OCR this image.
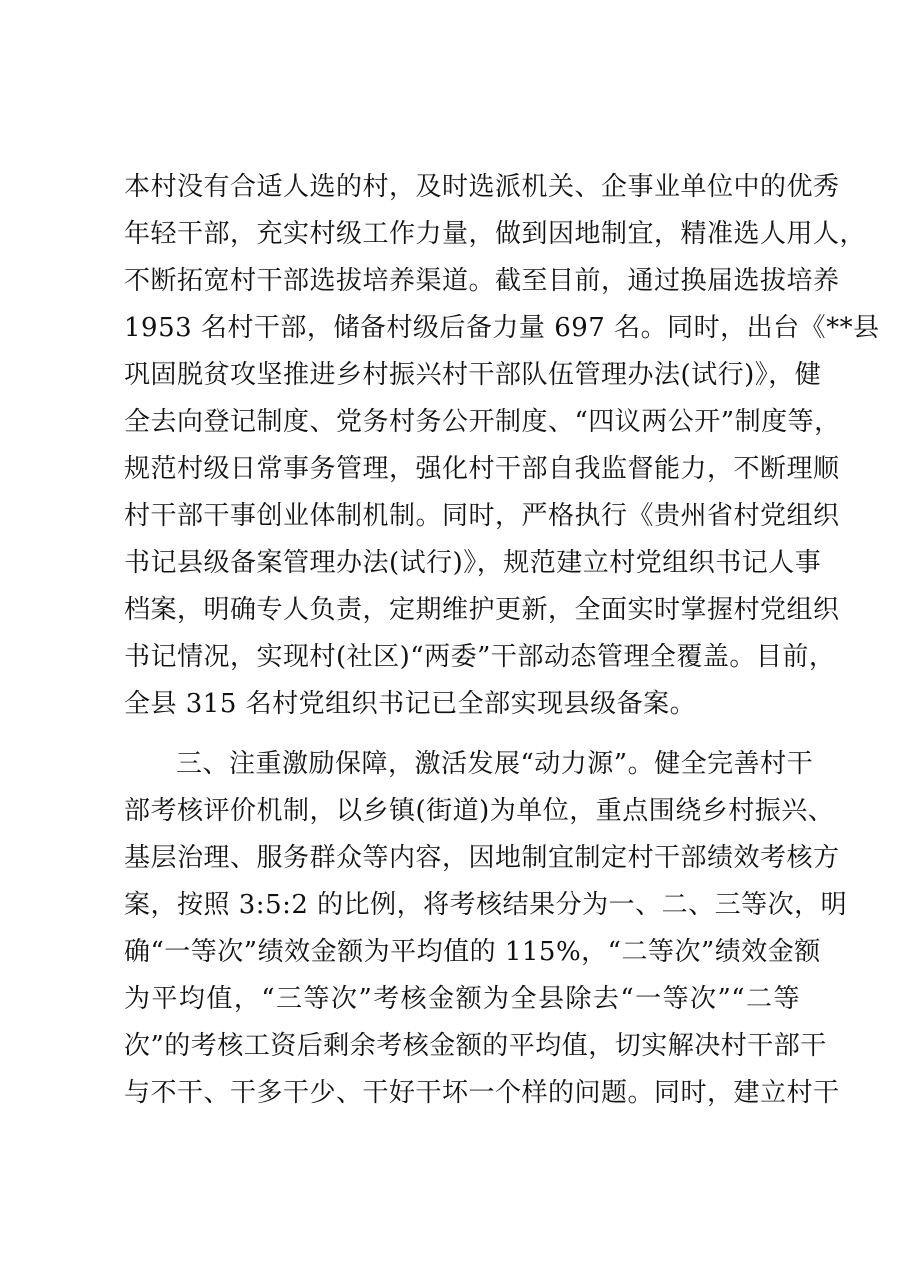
本村没有合适人选的村，及时选派机关、企事业单位中的优秀
年轻干部，充实村级工作力量，做到因地制宜，精准选人用人，
不断拓宽村干部选拔培养渠道。截至目前，通过换届选拔培养
1953 名村干部，储备村级后备力量 697 名。同时，出台《**县
巩固脱贫攻坚推进乡村振兴村干部队伍管理办法(试行)》，健
全去向登记制度、党务村务公开制度、“四议两公开”制度等，
规范村级日常事务管理，强化村干部自我监督能力，不断理顺
村干部干事创业体制机制。同时，严格执行《贵州省村党组织
书记县级备案管理办法(试行)》，规范建立村党组织书记人事
档案，明确专人负责，定期维护更新，全面实时掌握村党组织
书记情况，实现村(社区)“两委”干部动态管理全覆盖。目前，
全县 315 名村党组织书记已全部实现县级备案。
三、注重激励保障，激活发展“动力源”。健全完善村干
部考核评价机制，以乡镇(街道)为单位，重点围绕乡村振兴、
基层治理、服务群众等内容，因地制宜制定村干部绩效考核方
案，按照 3:5:2 的比例，将考核结果分为一、二、三等次，明
确“一等次”绩效金额为平均值的 115%，“二等次”绩效金额
为平均值，“三等次”考核金额为全县除去“一等次”“二等
次”的考核工资后剩余考核金额的平均值，切实解决村干部干
与不干、干多干少、干好干坏一个样的问题。同时，建立村干
